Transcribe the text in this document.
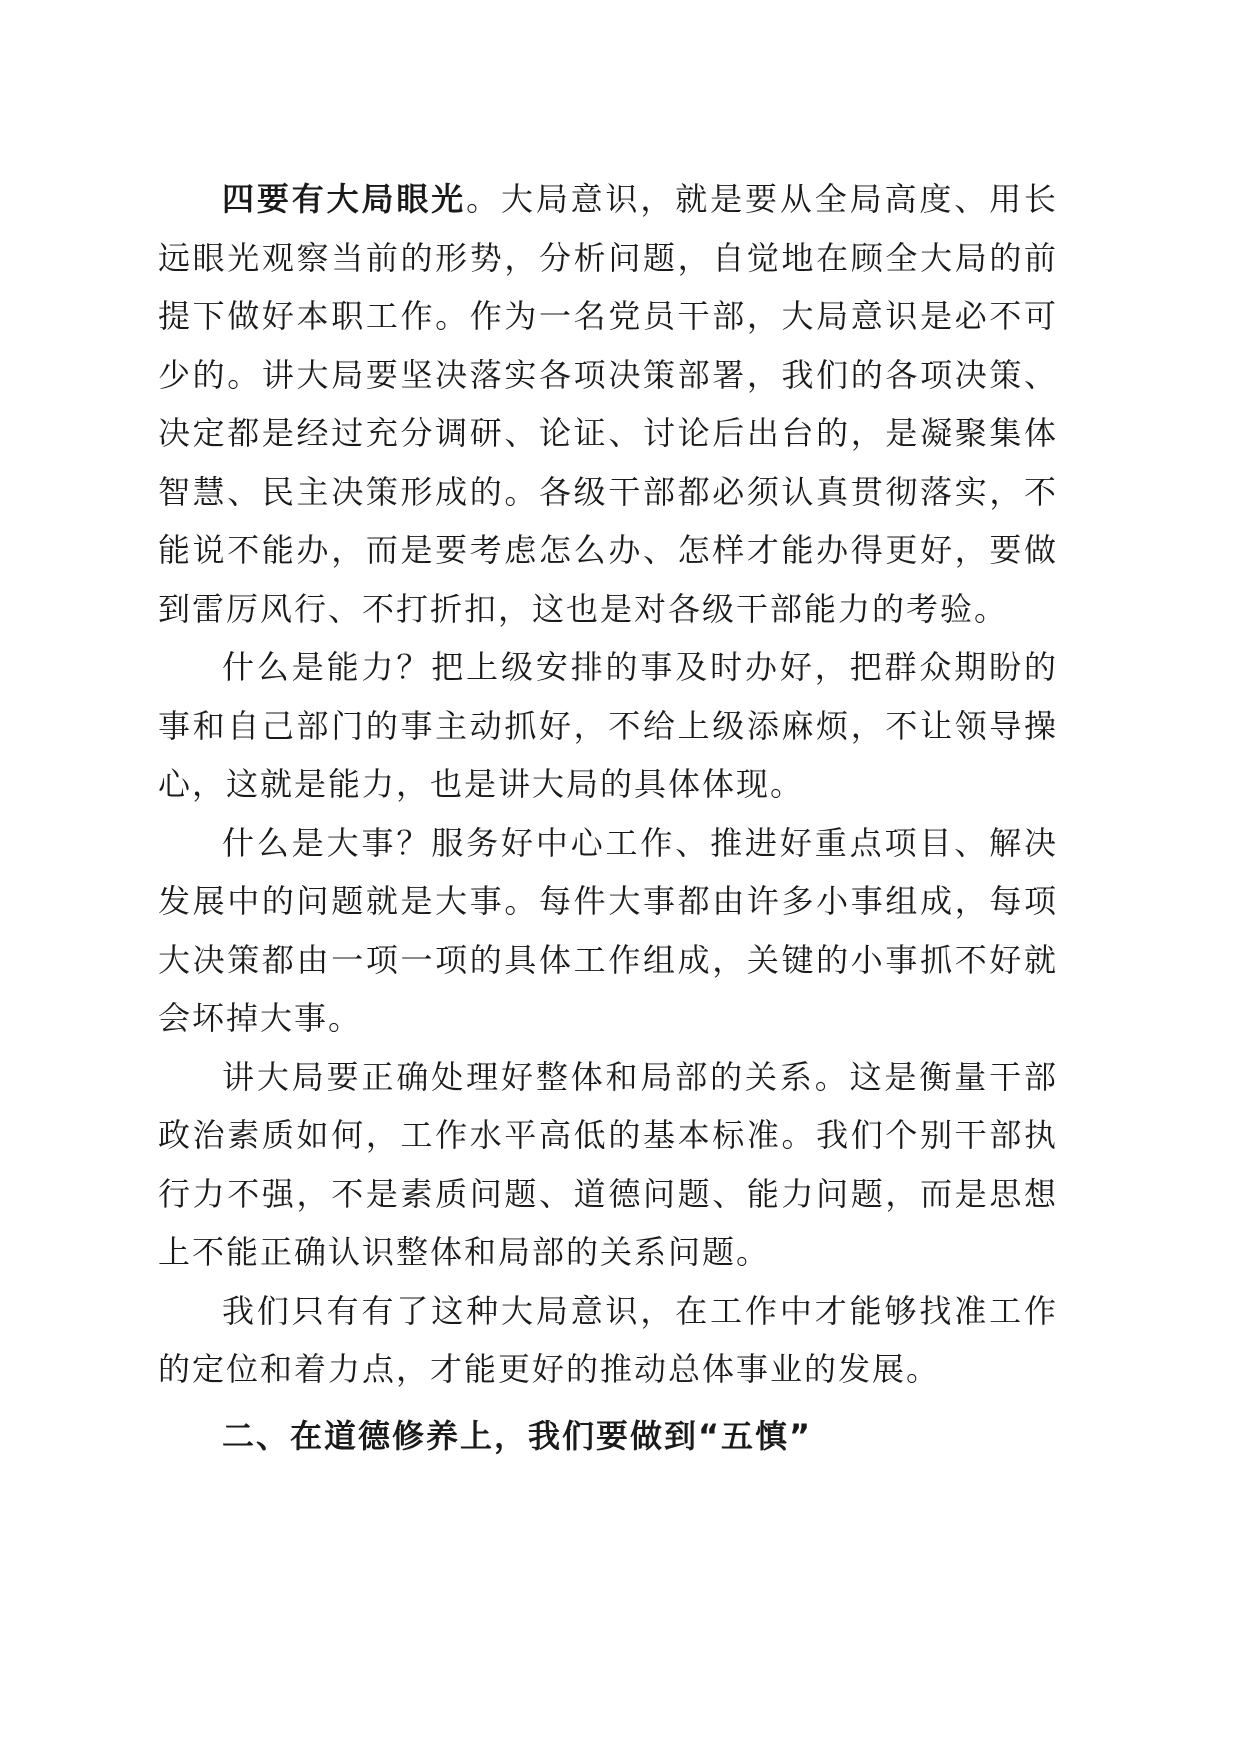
四要有大局眼光。大局意识，就是要从全局高度、用长远眼光观察当前的形势，分析问题，自觉地在顾全大局的前提下做好本职工作。作为一名党员干部，大局意识是必不可少的。讲大局要坚决落实各项决策部署，我们的各项决策、决定都是经过充分调研、论证、讨论后出台的，是凝聚集体智慧、民主决策形成的。各级干部都必须认真贯彻落实，不能说不能办，而是要考虑怎么办、怎样才能办得更好，要做到雷厉风行、不打折扣，这也是对各级干部能力的考验。

什么是能力？把上级安排的事及时办好，把群众期盼的事和自己部门的事主动抓好，不给上级添麻烦，不让领导操心，这就是能力，也是讲大局的具体体现。

什么是大事？服务好中心工作、推进好重点项目、解决发展中的问题就是大事。每件大事都由许多小事组成，每项大决策都由一项一项的具体工作组成，关键的小事抓不好就会坏掉大事。

讲大局要正确处理好整体和局部的关系。这是衡量干部政治素质如何，工作水平高低的基本标准。我们个别干部执行力不强，不是素质问题、道德问题、能力问题，而是思想上不能正确认识整体和局部的关系问题。

我们只有有了这种大局意识，在工作中才能够找准工作的定位和着力点，才能更好的推动总体事业的发展。

二、在道德修养上，我们要做到“五慎”
